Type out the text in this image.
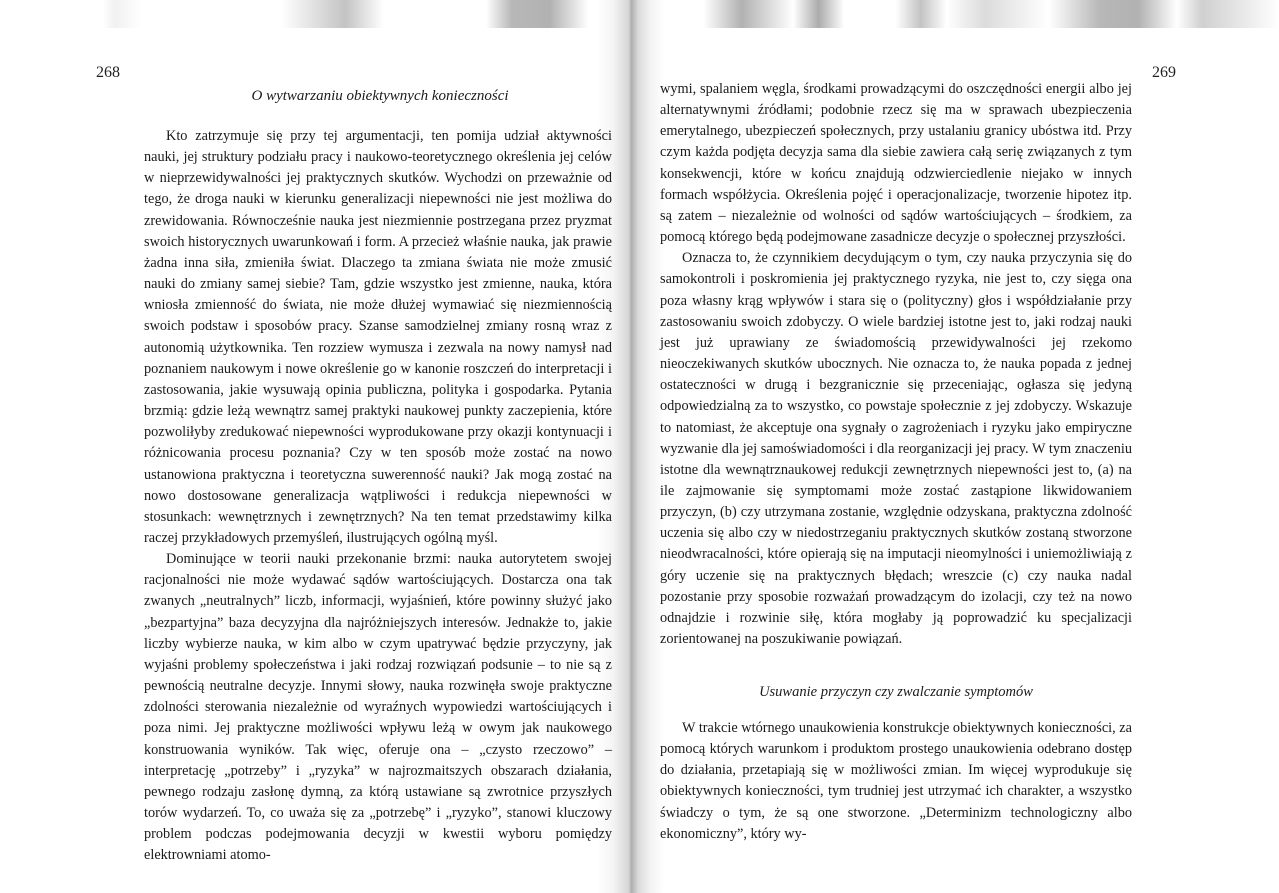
268	269
O wytwarzaniu obiektywnych konieczności

Kto zatrzymuje się przy tej argumentacji, ten pomija udział aktywności nauki, jej struktury podziału pracy i naukowo-teoretycznego określenia jej celów w nieprzewidywalności jej praktycznych skutków. Wychodzi on przeważnie od tego, że droga nauki w kierunku generalizacji niepewności nie jest możliwa do zrewidowania. Równocześnie nauka jest niezmiennie postrzegana przez pryzmat swoich historycznych uwarunkowań i form. A przecież właśnie nauka, jak prawie żadna inna siła, zmieniła świat. Dlaczego ta zmiana świata nie może zmusić nauki do zmiany samej siebie? Tam, gdzie wszystko jest zmienne, nauka, która wniosła zmienność do świata, nie może dłużej wymawiać się niezmiennością swoich podstaw i sposobów pracy. Szanse samodzielnej zmiany rosną wraz z autonomią użytkownika. Ten rozziew wymusza i zezwala na nowy namysł nad poznaniem naukowym i nowe określenie go w kanonie roszczeń do interpretacji i zastosowania, jakie wysuwają opinia publiczna, polityka i gospodarka. Pytania brzmią: gdzie leżą wewnątrz samej praktyki naukowej punkty zaczepienia, które pozwoliłyby zredukować niepewności wyprodukowane przy okazji kontynuacji i różnicowania procesu poznania? Czy w ten sposób może zostać na nowo ustanowiona praktyczna i teoretyczna suwerenność nauki? Jak mogą zostać na nowo dostosowane generalizacja wątpliwości i redukcja niepewności w stosunkach: wewnętrznych i zewnętrznych? Na ten temat przedstawimy kilka raczej przykładowych przemyśleń, ilustrujących ogólną myśl.

Dominujące w teorii nauki przekonanie brzmi: nauka autorytetem swojej racjonalności nie może wydawać sądów wartościujących. Dostarcza ona tak zwanych „neutralnych” liczb, informacji, wyjaśnień, które powinny służyć jako „bezpartyjna” baza decyzyjna dla najróżniejszych interesów. Jednakże to, jakie liczby wybierze nauka, w kim albo w czym upatrywać będzie przyczyny, jak wyjaśni problemy społeczeństwa i jaki rodzaj rozwiązań podsunie – to nie są z pewnością neutralne decyzje. Innymi słowy, nauka rozwinęła swoje praktyczne zdolności sterowania niezależnie od wyraźnych wypowiedzi wartościujących i poza nimi. Jej praktyczne możliwości wpływu leżą w owym jak naukowego konstruowania wyników. Tak więc, oferuje ona – „czysto rzeczowo” – interpretację „potrzeby” i „ryzyka” w najrozmaitszych obszarach działania, pewnego rodzaju zasłonę dymną, za którą ustawiane są zwrotnice przyszłych torów wydarzeń. To, co uważa się za „potrzebę” i „ryzyko”, stanowi kluczowy problem podczas podejmowania decyzji w kwestii wyboru pomiędzy elektrowniami atomo-

wymi, spalaniem węgla, środkami prowadzącymi do oszczędności energii albo jej alternatywnymi źródłami; podobnie rzecz się ma w sprawach ubezpieczenia emerytalnego, ubezpieczeń społecznych, przy ustalaniu granicy ubóstwa itd. Przy czym każda podjęta decyzja sama dla siebie zawiera całą serię związanych z tym konsekwencji, które w końcu znajdują odzwierciedlenie niejako w innych formach współżycia. Określenia pojęć i operacjonalizacje, tworzenie hipotez itp. są zatem – niezależnie od wolności od sądów wartościujących – środkiem, za pomocą którego będą podejmowane zasadnicze decyzje o społecznej przyszłości.

Oznacza to, że czynnikiem decydującym o tym, czy nauka przyczynia się do samokontroli i poskromienia jej praktycznego ryzyka, nie jest to, czy sięga ona poza własny krąg wpływów i stara się o (polityczny) głos i współdziałanie przy zastosowaniu swoich zdobyczy. O wiele bardziej istotne jest to, jaki rodzaj nauki jest już uprawiany ze świadomością przewidywalności jej rzekomo nieoczekiwanych skutków ubocznych. Nie oznacza to, że nauka popada z jednej ostateczności w drugą i bezgranicznie się przeceniając, ogłasza się jedyną odpowiedzialną za to wszystko, co powstaje społecznie z jej zdobyczy. Wskazuje to natomiast, że akceptuje ona sygnały o zagrożeniach i ryzyku jako empiryczne wyzwanie dla jej samoświadomości i dla reorganizacji jej pracy. W tym znaczeniu istotne dla wewnątrznaukowej redukcji zewnętrznych niepewności jest to, (a) na ile zajmowanie się symptomami może zostać zastąpione likwidowaniem przyczyn, (b) czy utrzymana zostanie, względnie odzyskana, praktyczna zdolność uczenia się albo czy w niedostrzeganiu praktycznych skutków zostaną stworzone nieodwracalności, które opierają się na imputacji nieomylności i uniemożliwiają z góry uczenie się na praktycznych błędach; wreszcie (c) czy nauka nadal pozostanie przy sposobie rozważań prowadzącym do izolacji, czy też na nowo odnajdzie i rozwinie siłę, która mogłaby ją poprowadzić ku specjalizacji zorientowanej na poszukiwanie powiązań.

Usuwanie przyczyn czy zwalczanie symptomów

W trakcie wtórnego unaukowienia konstrukcje obiektywnych konieczności, za pomocą których warunkom i produktom prostego unaukowienia odebrano dostęp do działania, przetapiają się w możliwości zmian. Im więcej wyprodukuje się obiektywnych konieczności, tym trudniej jest utrzymać ich charakter, a wszystko świadczy o tym, że są one stworzone. „Determinizm technologiczny albo ekonomiczny”, który wy-
